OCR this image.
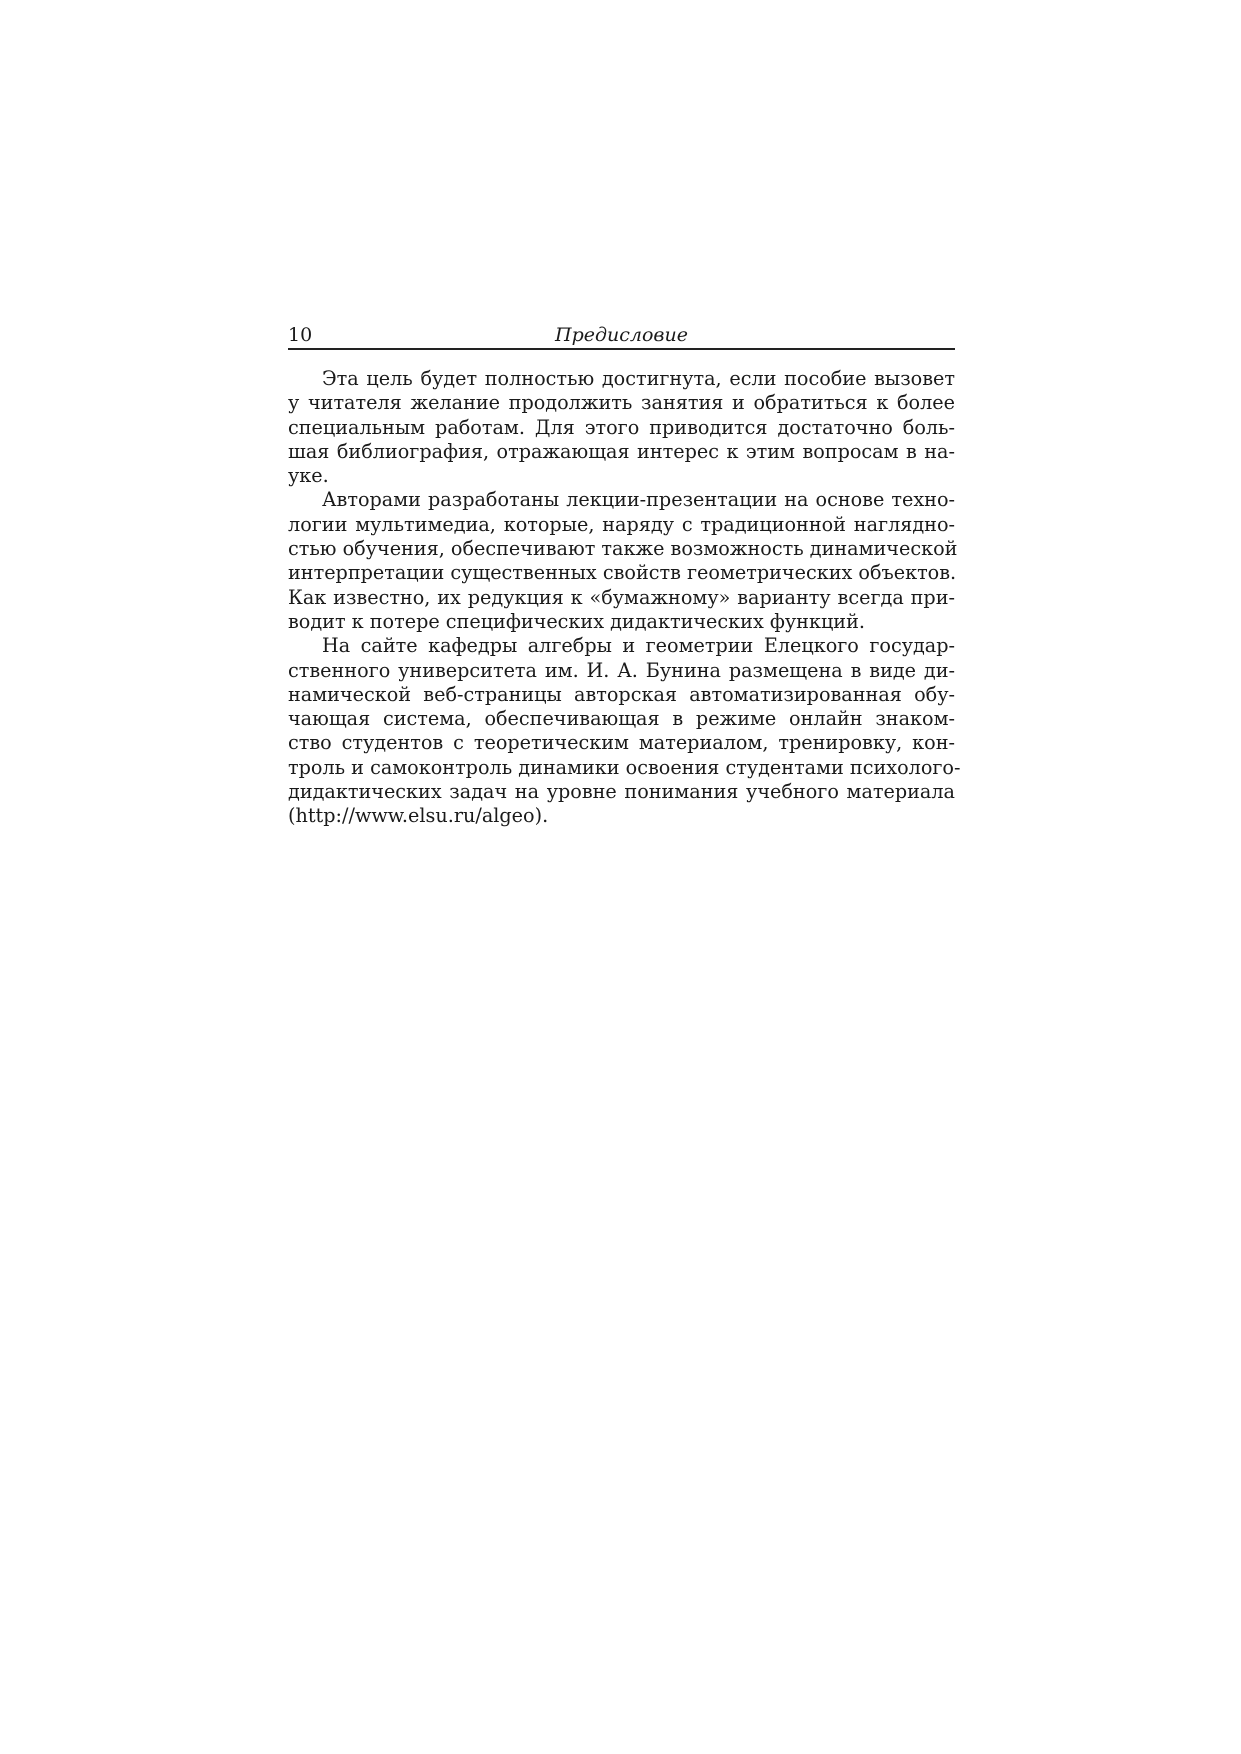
10	Предисловие
Эта цель будет полностью достигнута, если пособие вызовет
у читателя желание продолжить занятия и обратиться к более
специальным работам. Для этого приводится достаточно боль-
шая библиография, отражающая интерес к этим вопросам в на-
уке.
Авторами разработаны лекции-презентации на основе техно-
логии мультимедиа, которые, наряду с традиционной наглядно-
стью обучения, обеспечивают также возможность динамической
интерпретации существенных свойств геометрических объектов.
Как известно, их редукция к «бумажному» варианту всегда при-
водит к потере специфических дидактических функций.
На сайте кафедры алгебры и геометрии Елецкого государ-
ственного университета им. И. А. Бунина размещена в виде ди-
намической веб-страницы авторская автоматизированная обу-
чающая система, обеспечивающая в режиме онлайн знаком-
ство студентов с теоретическим материалом, тренировку, кон-
троль и самоконтроль динамики освоения студентами психолого-
дидактических задач на уровне понимания учебного материала
(http://www.elsu.ru/algeo).
